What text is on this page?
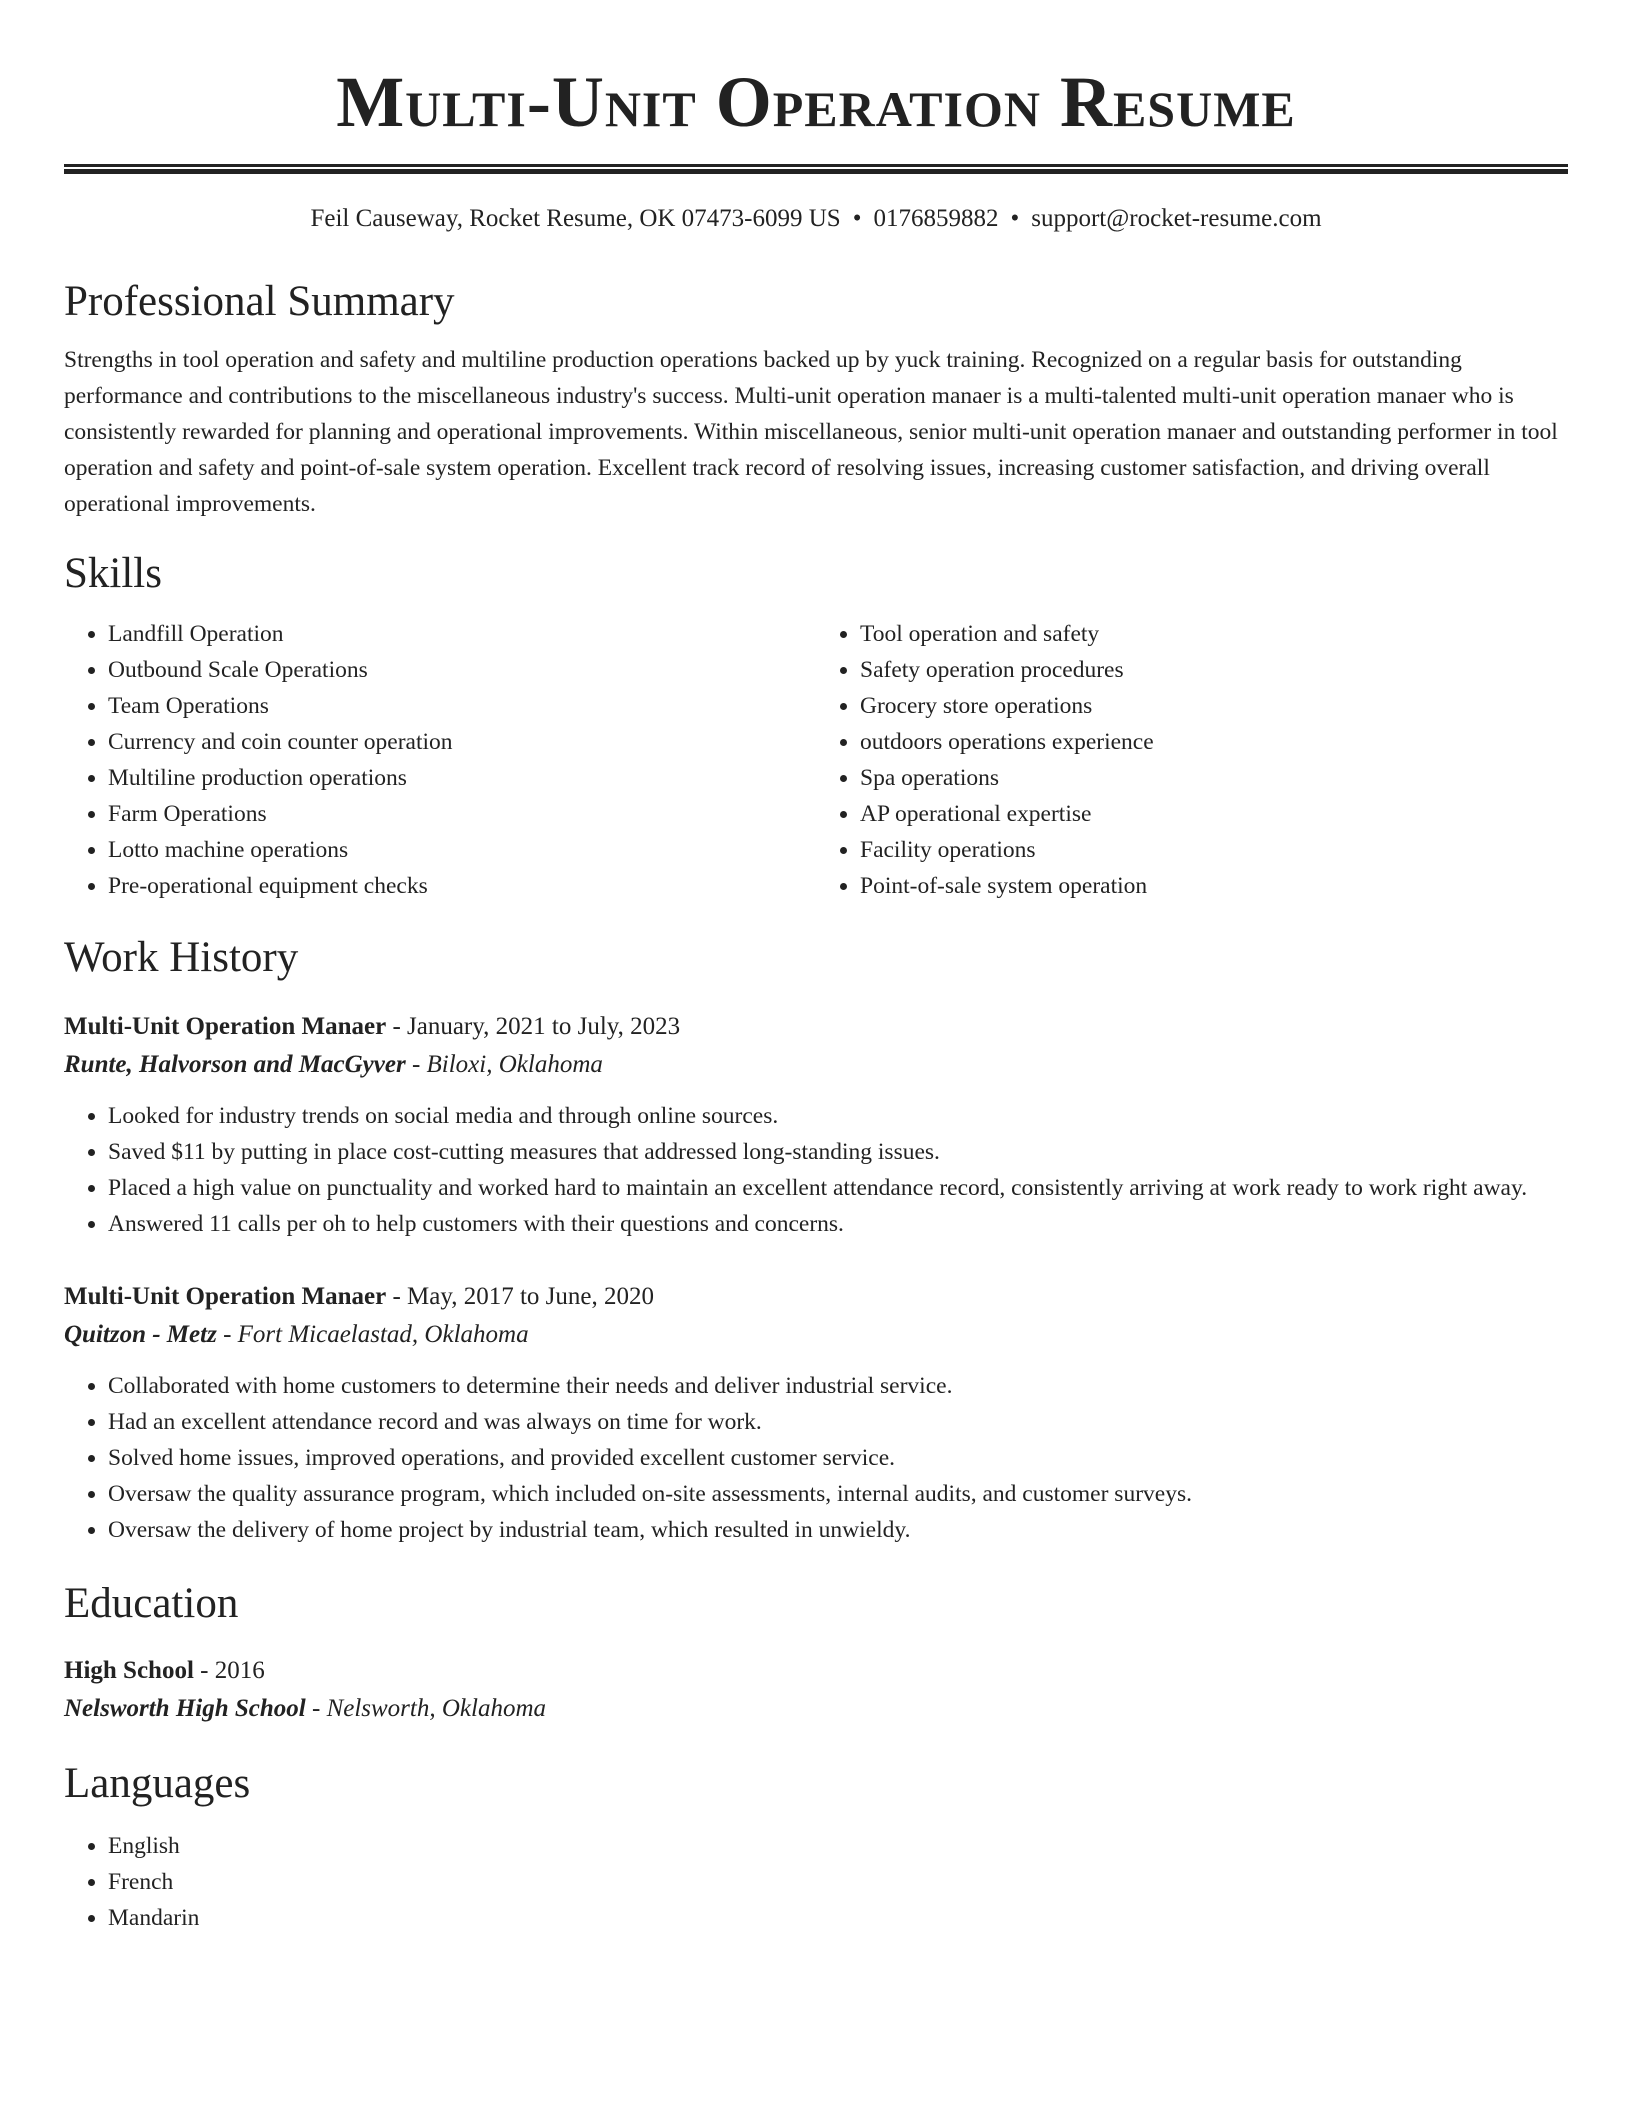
Multi-Unit Operation Resume
Feil Causeway, Rocket Resume, OK 07473-6099 US • 0176859882 • support@rocket-resume.com
Professional Summary

Strengths in tool operation and safety and multiline production operations backed up by yuck training. Recognized on a regular basis for outstanding performance and contributions to the miscellaneous industry's success. Multi-unit operation manaer is a multi-talented multi-unit operation manaer who is consistently rewarded for planning and operational improvements. Within miscellaneous, senior multi-unit operation manaer and outstanding performer in tool operation and safety and point-of-sale system operation. Excellent track record of resolving issues, increasing customer satisfaction, and driving overall operational improvements.

Skills
• Landfill Operation
• Outbound Scale Operations
• Team Operations
• Currency and coin counter operation
• Multiline production operations
• Farm Operations
• Lotto machine operations
• Pre-operational equipment checks
• Tool operation and safety
• Safety operation procedures
• Grocery store operations
• outdoors operations experience
• Spa operations
• AP operational expertise
• Facility operations
• Point-of-sale system operation
Work History
Multi-Unit Operation Manaer - January, 2021 to July, 2023
Runte, Halvorson and MacGyver - Biloxi, Oklahoma
• Looked for industry trends on social media and through online sources.
• Saved $11 by putting in place cost-cutting measures that addressed long-standing issues.
• Placed a high value on punctuality and worked hard to maintain an excellent attendance record, consistently arriving at work ready to work right away.
• Answered 11 calls per oh to help customers with their questions and concerns.
Multi-Unit Operation Manaer - May, 2017 to June, 2020
Quitzon - Metz - Fort Micaelastad, Oklahoma
• Collaborated with home customers to determine their needs and deliver industrial service.
• Had an excellent attendance record and was always on time for work.
• Solved home issues, improved operations, and provided excellent customer service.
• Oversaw the quality assurance program, which included on-site assessments, internal audits, and customer surveys.
• Oversaw the delivery of home project by industrial team, which resulted in unwieldy.
Education
High School - 2016
Nelsworth High School - Nelsworth, Oklahoma
Languages
• English
• French
• Mandarin
